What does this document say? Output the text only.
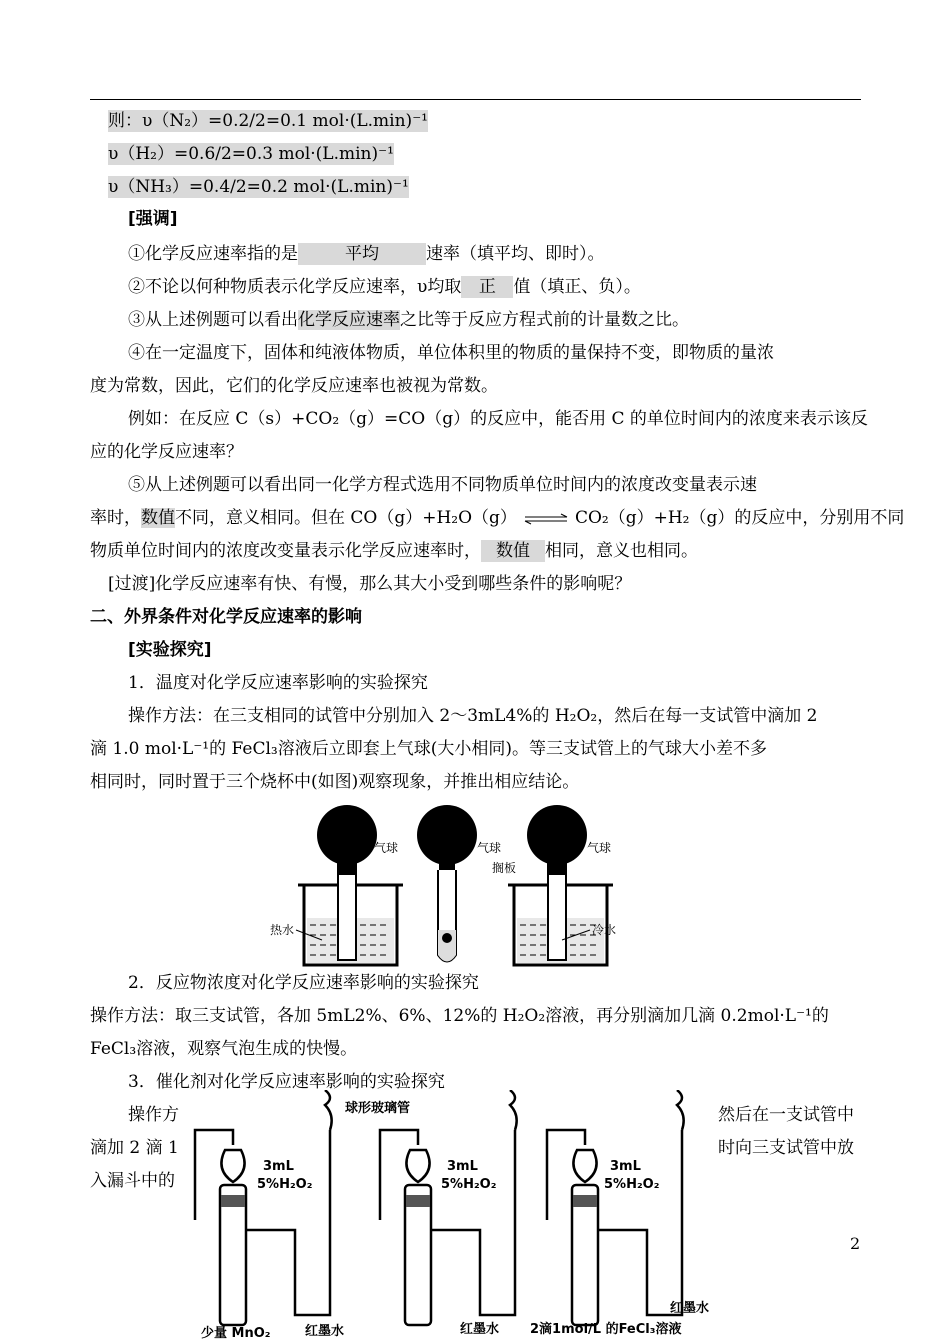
则：υ（N₂）=0.2/2=0.1 mol·(L.min)⁻¹
υ（H₂）=0.6/2=0.3 mol·(L.min)⁻¹
υ（NH₃）=0.4/2=0.2 mol·(L.min)⁻¹
[强调]
①化学反应速率指的是	平均	速率（填平均、即时）。
②不论以何种物质表示化学反应速率，υ均取 正 值（填正、负）。
③从上述例题可以看出化学反应速率之比等于反应方程式前的计量数之比。
④在一定温度下，固体和纯液体物质，单位体积里的物质的量保持不变，即物质的量浓
度为常数，因此，它们的化学反应速率也被视为常数。
例如：在反应 C（s）+CO₂（g）=CO（g）的反应中，能否用 C 的单位时间内的浓度来表示该反
应的化学反应速率？
⑤从上述例题可以看出同一化学方程式选用不同物质单位时间内的浓度改变量表示速
率时，数值不同，意义相同。但在 CO（g）+H₂O（g） ⇌ CO₂（g）+H₂（g）的反应中，分别用不同
物质单位时间内的浓度改变量表示化学反应速率时， 数值 相同，意义也相同。
[过渡]化学反应速率有快、有慢，那么其大小受到哪些条件的影响呢？
二、外界条件对化学反应速率的影响
[实验探究]
1．温度对化学反应速率影响的实验探究
操作方法：在三支相同的试管中分别加入 2～3mL4%的 H₂O₂，然后在每一支试管中滴加 2
滴 1.0 mol·L⁻¹的 FeCl₃溶液后立即套上气球(大小相同)。等三支试管上的气球大小差不多
相同时，同时置于三个烧杯中(如图)观察现象，并推出相应结论。
气球	气球	气球
搁板
热水	冷水
2．反应物浓度对化学反应速率影响的实验探究
操作方法：取三支试管，各加 5mL2%、6%、12%的 H₂O₂溶液，再分别滴加几滴 0.2mol·L⁻¹的
FeCl₃溶液，观察气泡生成的快慢。
3．催化剂对化学反应速率影响的实验探究
操作方	然后在一支试管中
滴加 2 滴 1	时向三支试管中放
入漏斗中的
球形玻璃管
3mL
5%H₂O₂
3mL
5%H₂O₂
3mL
5%H₂O₂
少量 MnO₂	红墨水	红墨水
红墨水
2滴1mol/L 的FeCl₃溶液
2
